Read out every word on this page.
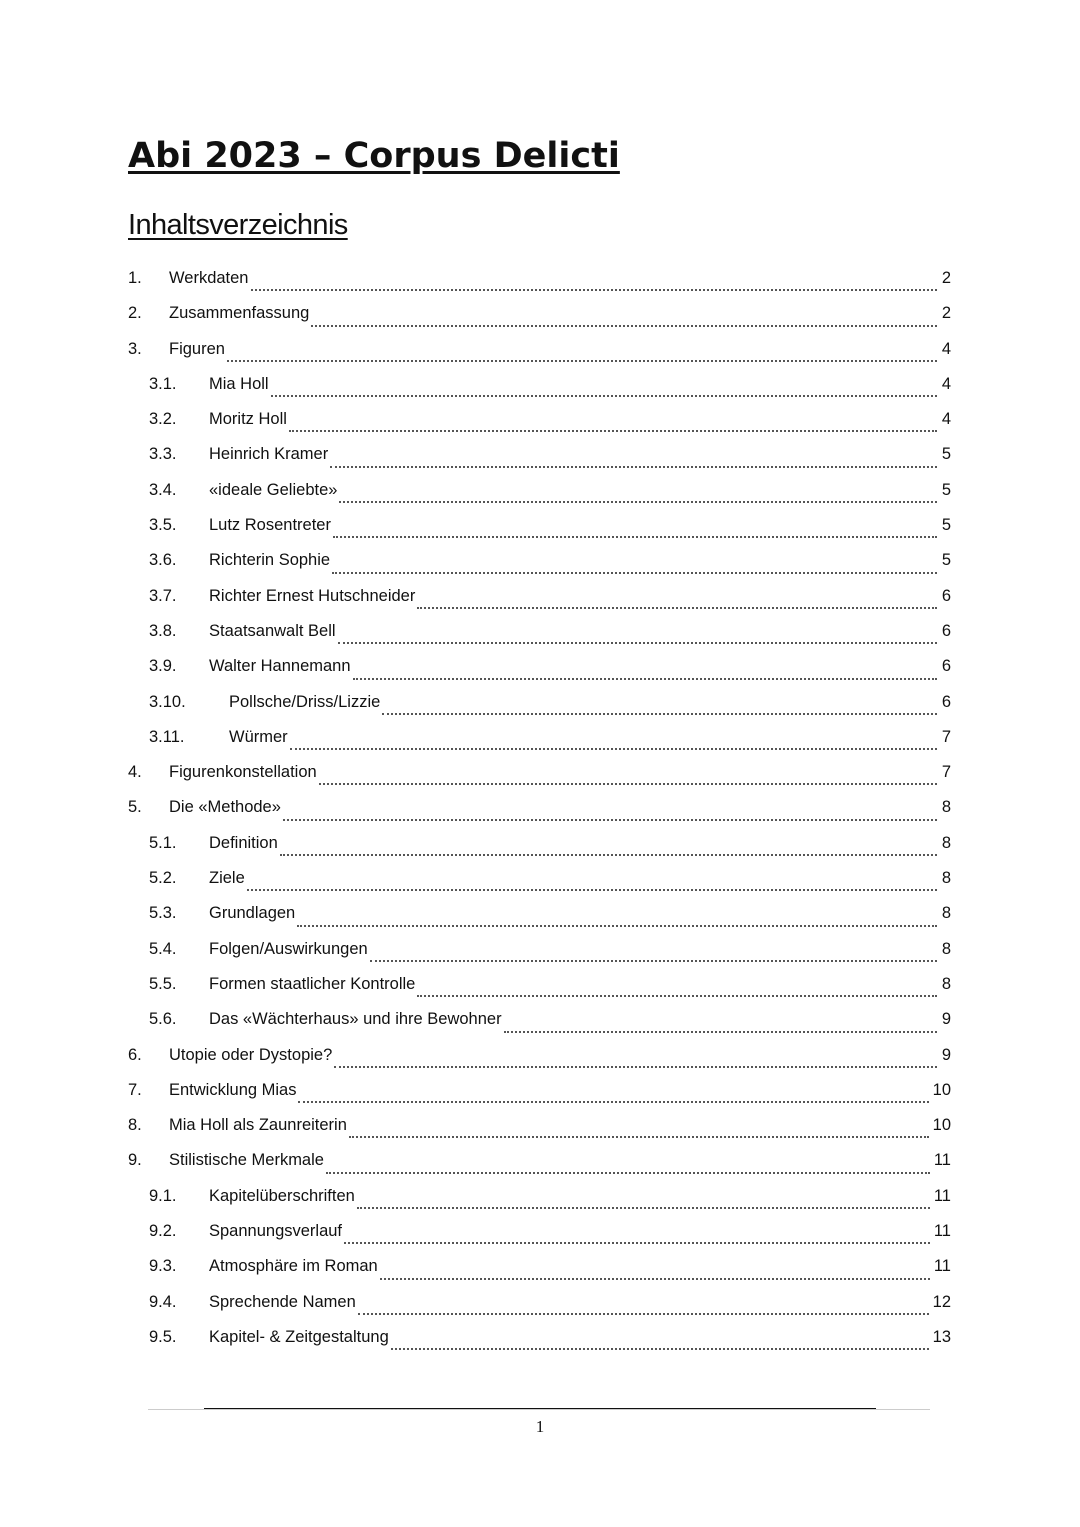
Abi 2023 – Corpus Delicti
Inhaltsverzeichnis
1.	Werkdaten	2
2.	Zusammenfassung	2
3.	Figuren	4
3.1.	Mia Holl	4
3.2.	Moritz Holl	4
3.3.	Heinrich Kramer	5
3.4.	«ideale Geliebte»	5
3.5.	Lutz Rosentreter	5
3.6.	Richterin Sophie	5
3.7.	Richter Ernest Hutschneider	6
3.8.	Staatsanwalt Bell	6
3.9.	Walter Hannemann	6
3.10.	Pollsche/Driss/Lizzie	6
3.11.	Würmer	7
4.	Figurenkonstellation	7
5.	Die «Methode»	8
5.1.	Definition	8
5.2.	Ziele	8
5.3.	Grundlagen	8
5.4.	Folgen/Auswirkungen	8
5.5.	Formen staatlicher Kontrolle	8
5.6.	Das «Wächterhaus» und ihre Bewohner	9
6.	Utopie oder Dystopie?	9
7.	Entwicklung Mias	10
8.	Mia Holl als Zaunreiterin	10
9.	Stilistische Merkmale	11
9.1.	Kapitelüberschriften	11
9.2.	Spannungsverlauf	11
9.3.	Atmosphäre im Roman	11
9.4.	Sprechende Namen	12
9.5.	Kapitel- & Zeitgestaltung	13
1
